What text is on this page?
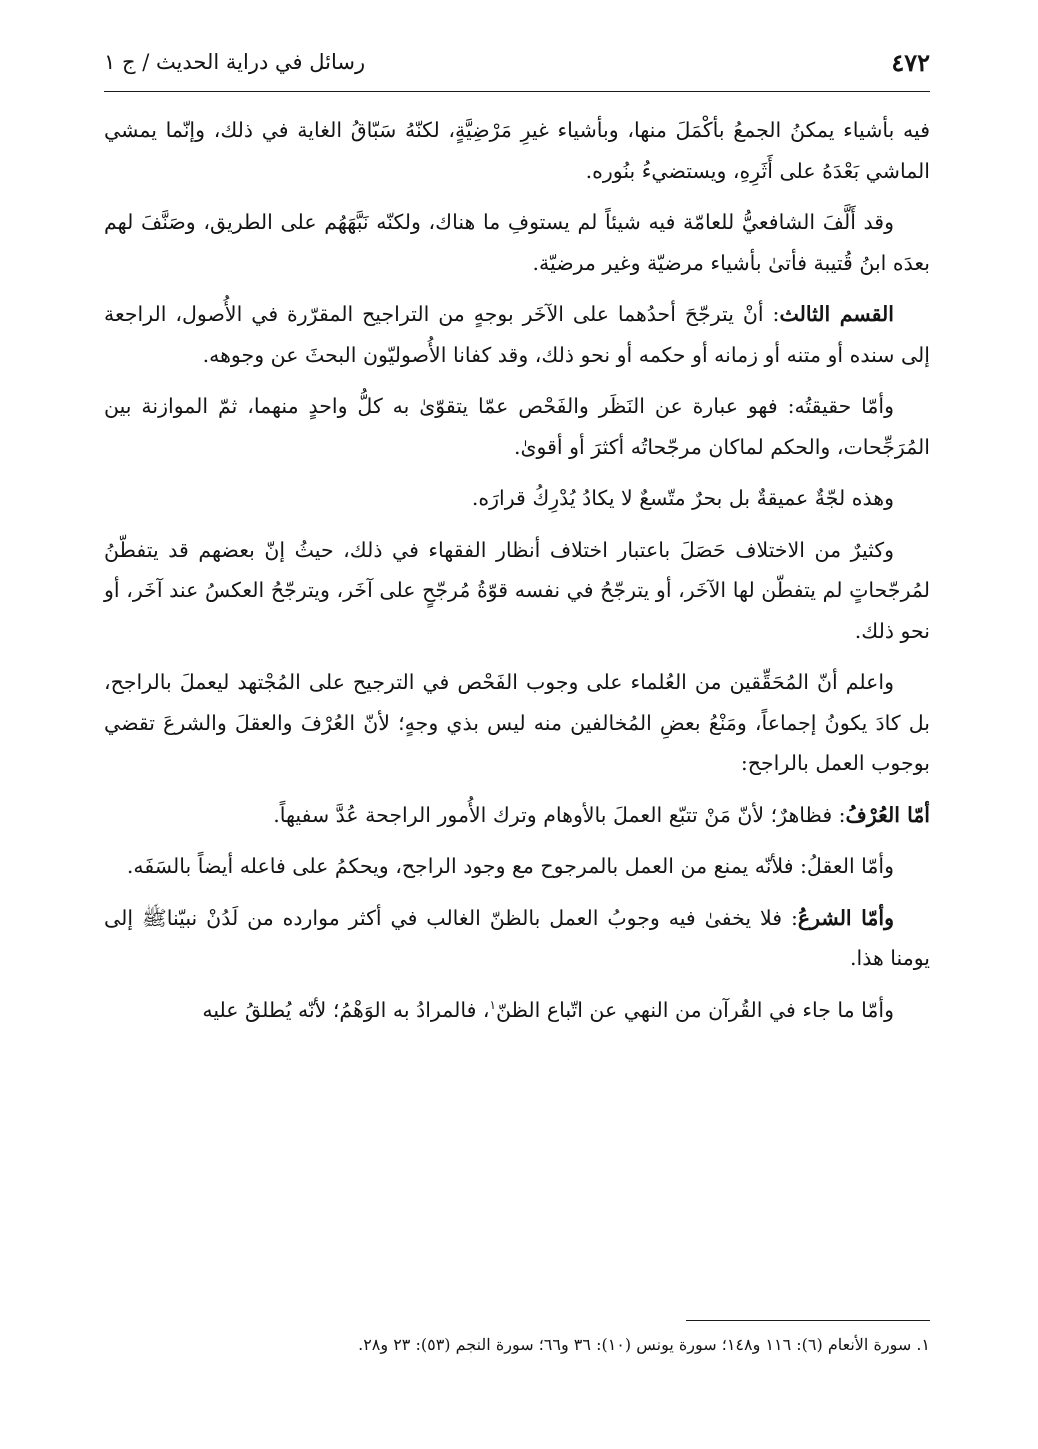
٤٧٢
رسائل في دراية الحديث / ج ١

فيه بأشياء يمكنُ الجمعُ بأكْمَلَ منها، وبأشياء غيرِ مَرْضِيَّةٍ، لكنّهُ سَبّاقُ الغاية في ذلك، وإنّما يمشي الماشي بَعْدَهُ على أَثَرِهِ، ويستضيءُ بنُوره.

وقد أَلَّفَ الشافعيُّ للعامّة فيه شيئاً لم يستوفِ ما هناك، ولكنّه نَبَّهَهُم على الطريق، وصَنَّفَ لهم بعدَه ابنُ قُتيبة فأتىٰ بأشياء مرضيّة وغير مرضيّة.

القسم الثالث: أنْ يترجّحَ أحدُهما على الآخَر بوجهٍ من التراجيح المقرّرة في الأُصول، الراجعة إلى سنده أو متنه أو زمانه أو حكمه أو نحو ذلك، وقد كفانا الأُصوليّون البحثَ عن وجوهه.

وأمّا حقيقتُه: فهو عبارة عن النَظَر والفَحْص عمّا يتقوّىٰ به كلُّ واحدٍ منهما، ثمّ الموازنة بين المُرَجِّحات، والحكم لماكان مرجّحاتُه أكثرَ أو أقوىٰ.

وهذه لجّةٌ عميقةٌ بل بحرٌ متّسعٌ لا يكادُ يُدْرِكُ قرارَه.

وكثيرٌ من الاختلاف حَصَلَ باعتبار اختلاف أنظار الفقهاء في ذلك، حيثُ إنّ بعضهم قد يتفطّنُ لمُرجّحاتٍ لم يتفطّن لها الآخَر، أو يترجّحُ في نفسه قوّةُ مُرجّحٍ على آخَر، ويترجّحُ العكسُ عند آخَر، أو نحو ذلك.

واعلم أنّ المُحَقِّقين من العُلماء على وجوب الفَحْص في الترجيح على المُجْتهد ليعملَ بالراجح، بل كادَ يكونُ إجماعاً، ومَنْعُ بعضِ المُخالفين منه ليس بذي وجهٍ؛ لأنّ العُرْفَ والعقلَ والشرعَ تقضي بوجوب العمل بالراجح:

أمّا العُرْفُ: فظاهرٌ؛ لأنّ مَنْ تتبّع العملَ بالأوهام وترك الأُمور الراجحة عُدَّ سفيهاً.

وأمّا العقلُ: فلأنّه يمنع من العمل بالمرجوح مع وجود الراجح، ويحكمُ على فاعله أيضاً بالسَفَه.

وأمّا الشرعُ: فلا يخفىٰ فيه وجوبُ العمل بالظنّ الغالب في أكثر موارده من لَدُنْ نبيّناﷺ إلى يومنا هذا.

وأمّا ما جاء في القُرآن من النهي عن اتّباع الظنّ$^١$، فالمرادُ به الوَهْمُ؛ لأنّه يُطلقُ عليه

١. سورة الأنعام (٦): ١١٦ و١٤٨؛ سورة يونس (١٠): ٣٦ و٦٦؛ سورة النجم (٥٣): ٢٣ و٢٨.
